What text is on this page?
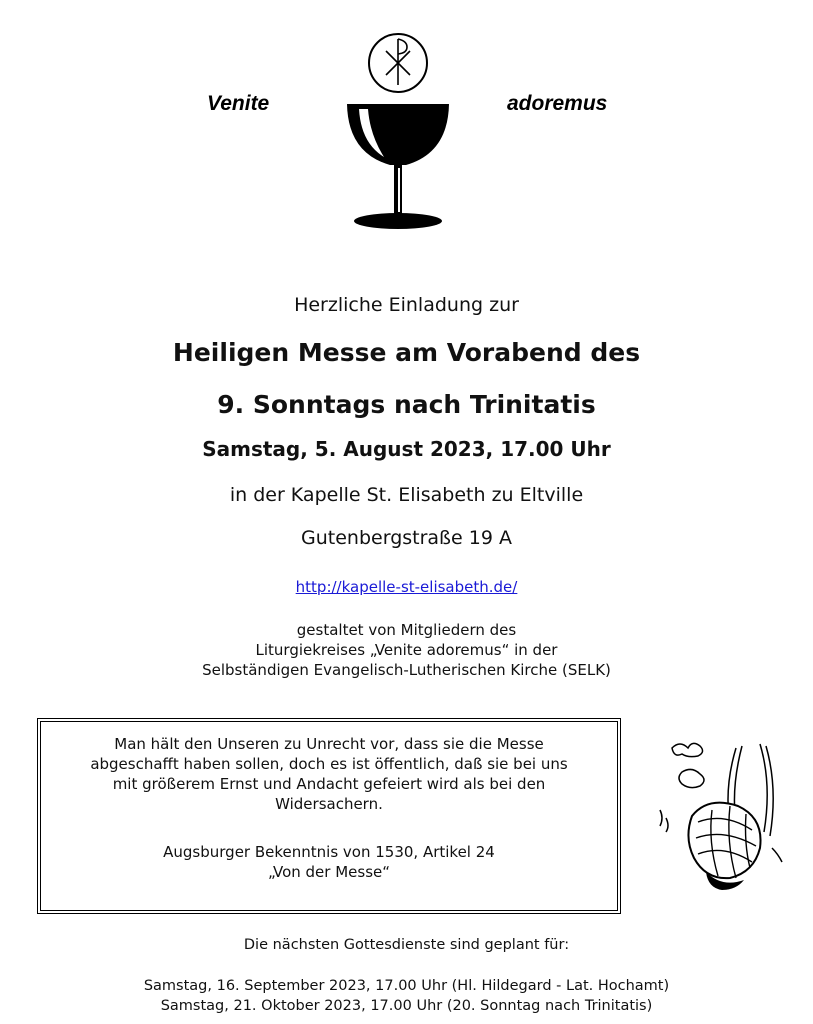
Venite	adoremus
Herzliche Einladung zur
Heiligen Messe am Vorabend des
9. Sonntags nach Trinitatis
Samstag, 5. August 2023, 17.00 Uhr
in der Kapelle St. Elisabeth zu Eltville
Gutenbergstraße 19 A
http://kapelle-st-elisabeth.de/
gestaltet von Mitgliedern des
Liturgiekreises „Venite adoremus“ in der
Selbständigen Evangelisch-Lutherischen Kirche (SELK)
Man hält den Unseren zu Unrecht vor, dass sie die Messe
abgeschafft haben sollen, doch es ist öffentlich, daß sie bei uns
mit größerem Ernst und Andacht gefeiert wird als bei den
Widersachern.
Augsburger Bekenntnis von 1530, Artikel 24
„Von der Messe“
Die nächsten Gottesdienste sind geplant für:
Samstag, 16. September 2023, 17.00 Uhr (Hl. Hildegard - Lat. Hochamt)
Samstag, 21. Oktober 2023, 17.00 Uhr (20. Sonntag nach Trinitatis)
